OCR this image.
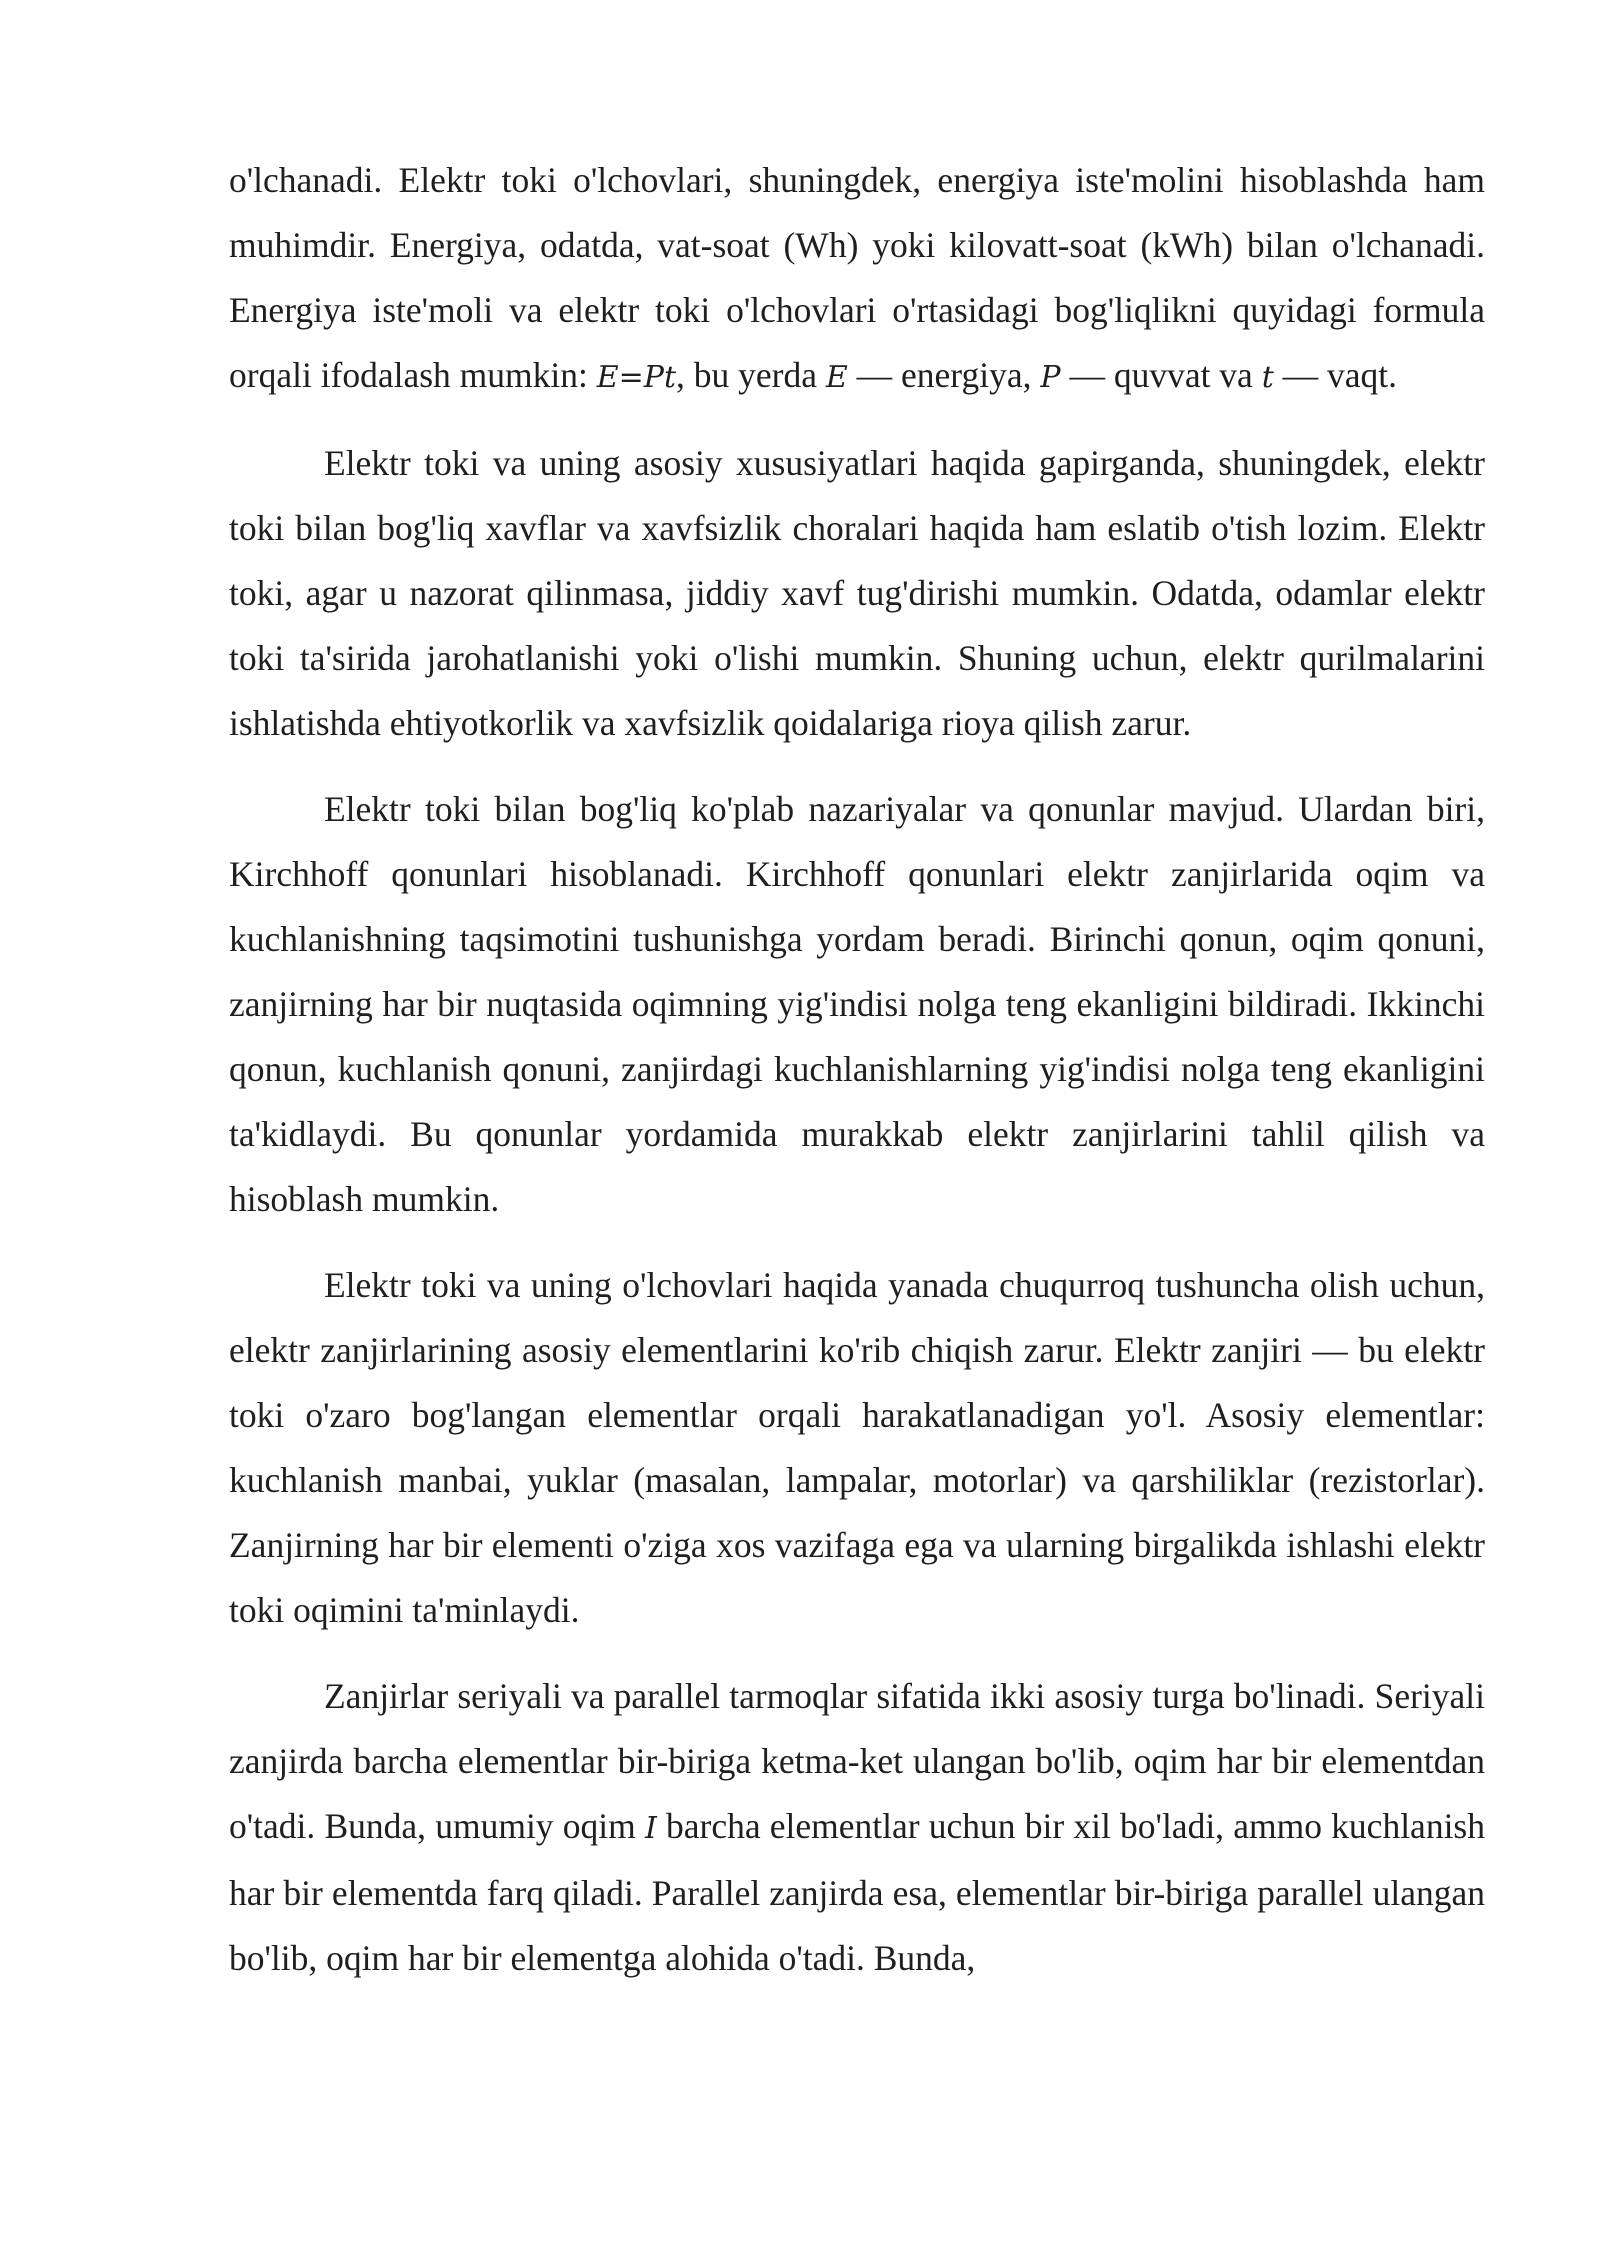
o'lchanadi. Elektr toki o'lchovlari, shuningdek, energiya iste'molini hisoblashda ham muhimdir. Energiya, odatda, vat-soat (Wh) yoki kilovatt-soat (kWh) bilan o'lchanadi. Energiya iste'moli va elektr toki o'lchovlari o'rtasidagi bog'liqlikni quyidagi formula orqali ifodalash mumkin: E=Pt, bu yerda E — energiya, P — quvvat va t — vaqt.

Elektr toki va uning asosiy xususiyatlari haqida gapirganda, shuningdek, elektr toki bilan bog'liq xavflar va xavfsizlik choralari haqida ham eslatib o'tish lozim. Elektr toki, agar u nazorat qilinmasa, jiddiy xavf tug'dirishi mumkin. Odatda, odamlar elektr toki ta'sirida jarohatlanishi yoki o'lishi mumkin. Shuning uchun, elektr qurilmalarini ishlatishda ehtiyotkorlik va xavfsizlik qoidalariga rioya qilish zarur.

Elektr toki bilan bog'liq ko'plab nazariyalar va qonunlar mavjud. Ulardan biri, Kirchhoff qonunlari hisoblanadi. Kirchhoff qonunlari elektr zanjirlarida oqim va kuchlanishning taqsimotini tushunishga yordam beradi. Birinchi qonun, oqim qonuni, zanjirning har bir nuqtasida oqimning yig'indisi nolga teng ekanligini bildiradi. Ikkinchi qonun, kuchlanish qonuni, zanjirdagi kuchlanishlarning yig'indisi nolga teng ekanligini ta'kidlaydi. Bu qonunlar yordamida murakkab elektr zanjirlarini tahlil qilish va hisoblash mumkin.

Elektr toki va uning o'lchovlari haqida yanada chuqurroq tushuncha olish uchun, elektr zanjirlarining asosiy elementlarini ko'rib chiqish zarur. Elektr zanjiri — bu elektr toki o'zaro bog'langan elementlar orqali harakatlanadigan yo'l. Asosiy elementlar: kuchlanish manbai, yuklar (masalan, lampalar, motorlar) va qarshiliklar (rezistorlar). Zanjirning har bir elementi o'ziga xos vazifaga ega va ularning birgalikda ishlashi elektr toki oqimini ta'minlaydi.

Zanjirlar seriyali va parallel tarmoqlar sifatida ikki asosiy turga bo'linadi. Seriyali zanjirda barcha elementlar bir-biriga ketma-ket ulangan bo'lib, oqim har bir elementdan o'tadi. Bunda, umumiy oqim I barcha elementlar uchun bir xil bo'ladi, ammo kuchlanish har bir elementda farq qiladi. Parallel zanjirda esa, elementlar bir-biriga parallel ulangan bo'lib, oqim har bir elementga alohida o'tadi. Bunda,
